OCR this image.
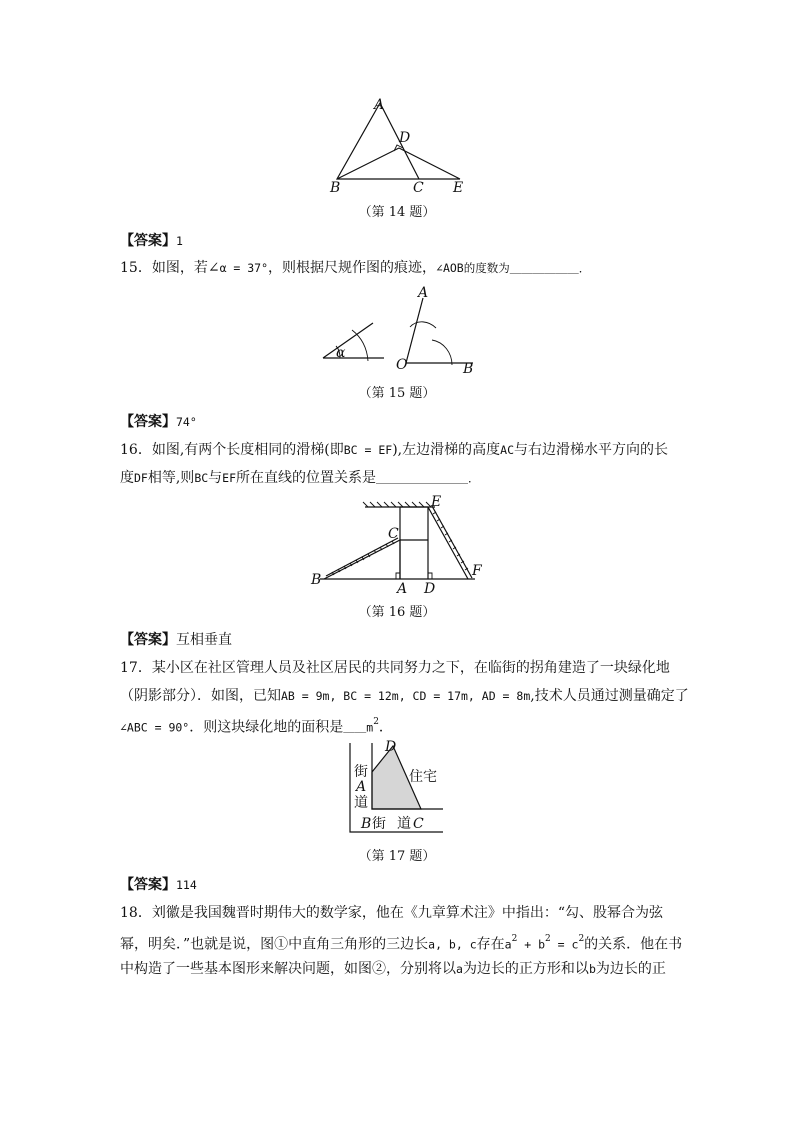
A
D
B	C E
（第 14 题）
【答案】1
15．如图，若∠α = 37°，则根据尺规作图的痕迹，∠AOB的度数为＿＿＿＿＿＿．
α
A
O	B
（第 15 题）
【答案】74°
16．如图,有两个长度相同的滑梯(即BC = EF),左边滑梯的高度AC与右边滑梯水平方向的长
度DF相等,则BC与EF所在直线的位置关系是＿＿＿＿＿＿＿＿．
B
C
E
F
A D
（第 16 题）
【答案】互相垂直
17．某小区在社区管理人员及社区居民的共同努力之下，在临街的拐角建造了一块绿化地
（阴影部分）．如图，已知AB = 9m, BC = 12m, CD = 17m, AD = 8m,技术人员通过测量确定了
∠ABC = 90°．则这块绿化地的面积是$\_\_m^2$．
街
A
道
B 街 道 C
D
住宅
（第 17 题）
【答案】114
18．刘徽是我国魏晋时期伟大的数学家，他在《九章算术注》中指出：“勾、股幂合为弦
幂，明矣．”也就是说，图①中直角三角形的三边长a, b, c存在$a^2 + b^2 = c^2$的关系．他在书
中构造了一些基本图形来解决问题，如图②，分别将以a为边长的正方形和以b为边长的正
